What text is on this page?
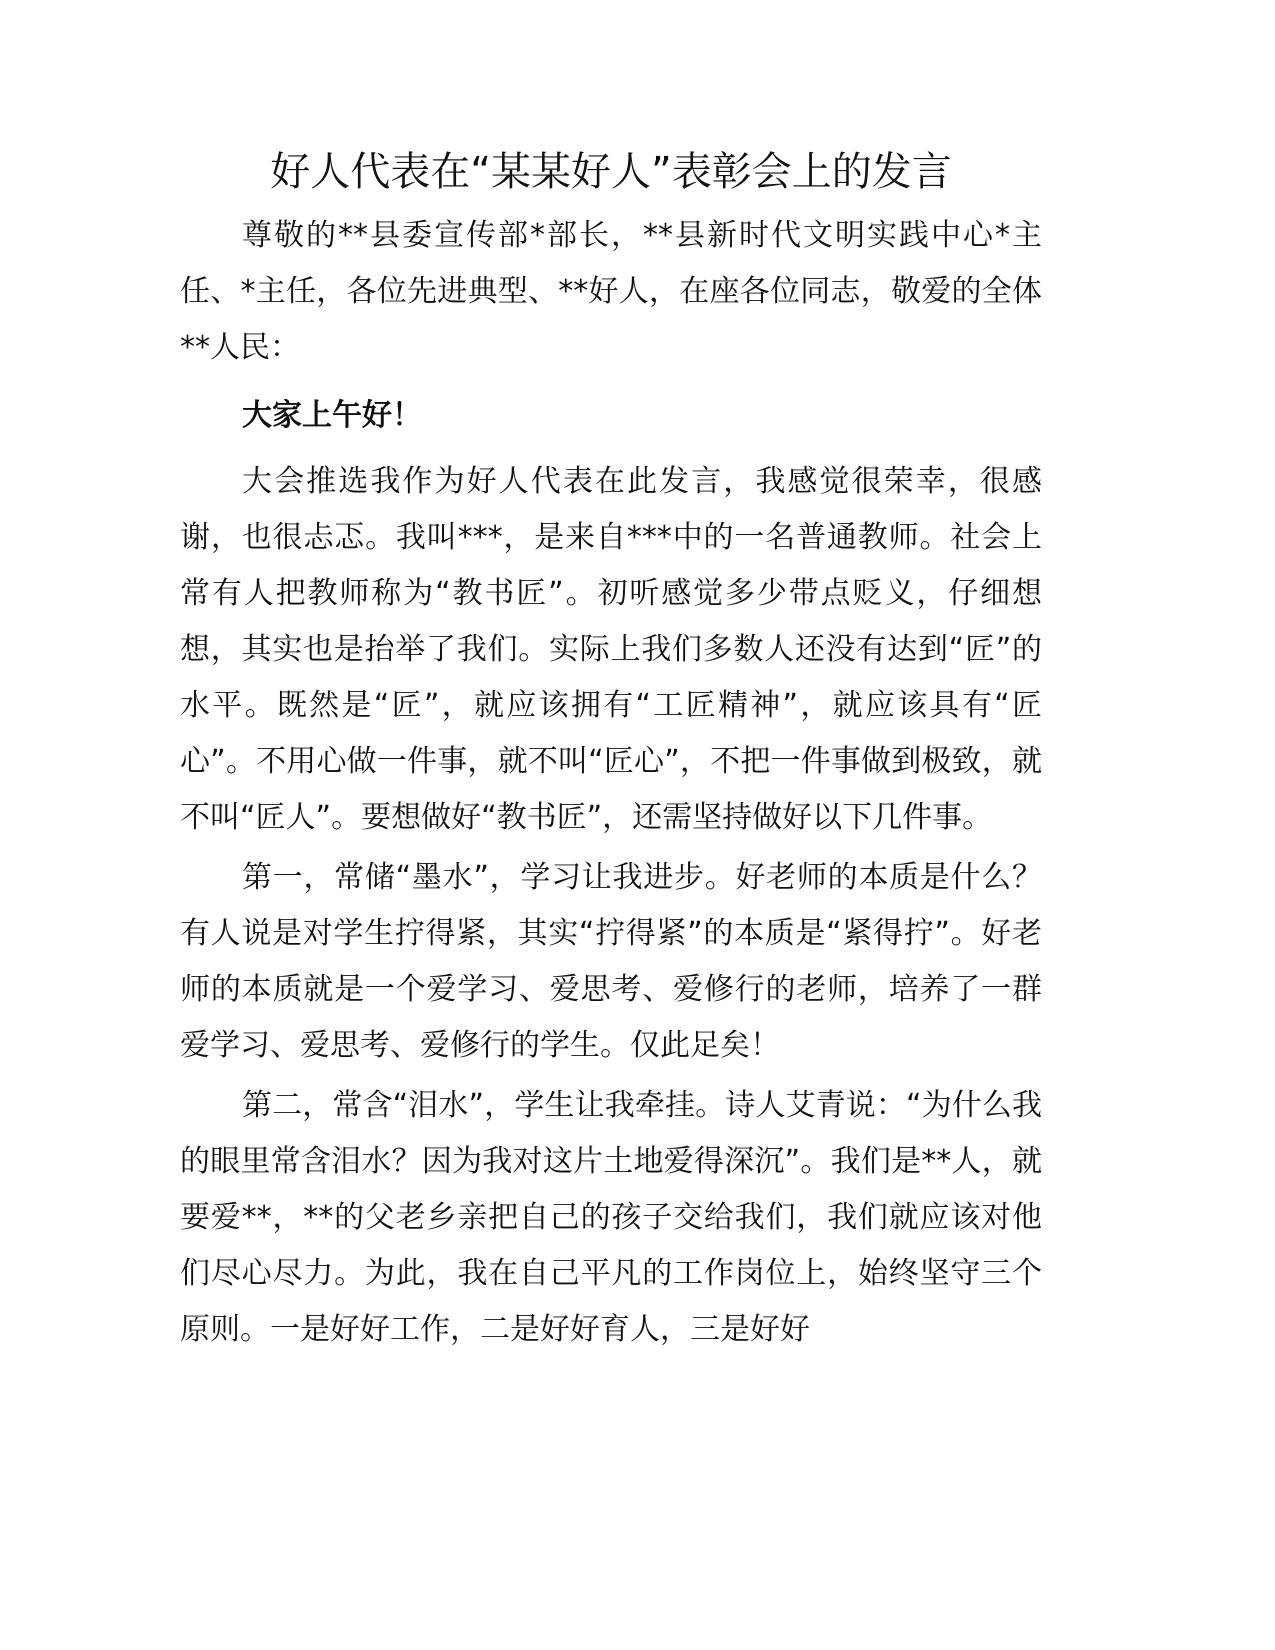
好人代表在“某某好人”表彰会上的发言

尊敬的**县委宣传部*部长，**县新时代文明实践中心*主任、*主任，各位先进典型、**好人，在座各位同志，敬爱的全体**人民：

大家上午好！

大会推选我作为好人代表在此发言，我感觉很荣幸，很感谢，也很忐忑。我叫***，是来自***中的一名普通教师。社会上常有人把教师称为“教书匠”。初听感觉多少带点贬义，仔细想想，其实也是抬举了我们。实际上我们多数人还没有达到“匠”的水平。既然是“匠”，就应该拥有“工匠精神”，就应该具有“匠心”。不用心做一件事，就不叫“匠心”，不把一件事做到极致，就不叫“匠人”。要想做好“教书匠”，还需坚持做好以下几件事。

第一，常储“墨水”，学习让我进步。好老师的本质是什么？有人说是对学生拧得紧，其实“拧得紧”的本质是“紧得拧”。好老师的本质就是一个爱学习、爱思考、爱修行的老师，培养了一群爱学习、爱思考、爱修行的学生。仅此足矣！

第二，常含“泪水”，学生让我牵挂。诗人艾青说：“为什么我的眼里常含泪水？因为我对这片土地爱得深沉”。我们是**人，就要爱**，**的父老乡亲把自己的孩子交给我们，我们就应该对他们尽心尽力。为此，我在自己平凡的工作岗位上，始终坚守三个原则。一是好好工作，二是好好育人，三是好好
